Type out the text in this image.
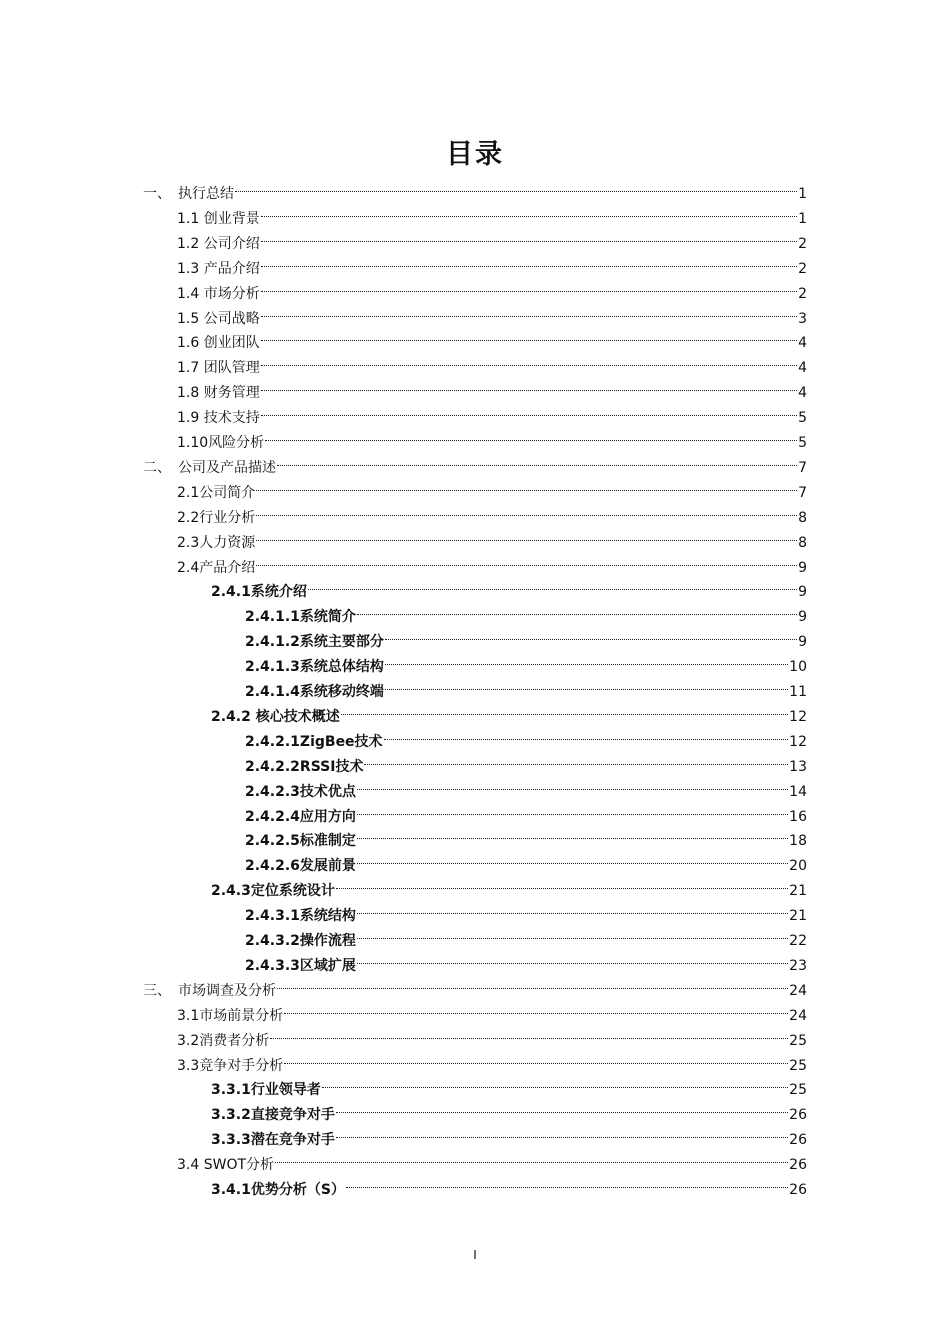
目录
一、　执行总结	1
1.1 创业背景	1
1.2 公司介绍	2
1.3 产品介绍	2
1.4 市场分析	2
1.5 公司战略	3
1.6 创业团队	4
1.7 团队管理	4
1.8 财务管理	4
1.9 技术支持	5
1.10风险分析	5
二、　公司及产品描述	7
2.1公司简介	7
2.2行业分析	8
2.3人力资源	8
2.4产品介绍	9
2.4.1系统介绍	9
2.4.1.1系统简介	9
2.4.1.2系统主要部分	9
2.4.1.3系统总体结构	10
2.4.1.4系统移动终端	11
2.4.2 核心技术概述	12
2.4.2.1ZigBee技术	12
2.4.2.2RSSI技术	13
2.4.2.3技术优点	14
2.4.2.4应用方向	16
2.4.2.5标准制定	18
2.4.2.6发展前景	20
2.4.3定位系统设计	21
2.4.3.1系统结构	21
2.4.3.2操作流程	22
2.4.3.3区域扩展	23
三、　市场调查及分析	24
3.1市场前景分析	24
3.2消费者分析	25
3.3竞争对手分析	25
3.3.1行业领导者	25
3.3.2直接竞争对手	26
3.3.3潜在竞争对手	26
3.4 SWOT分析	26
3.4.1优势分析（S）	26
I
